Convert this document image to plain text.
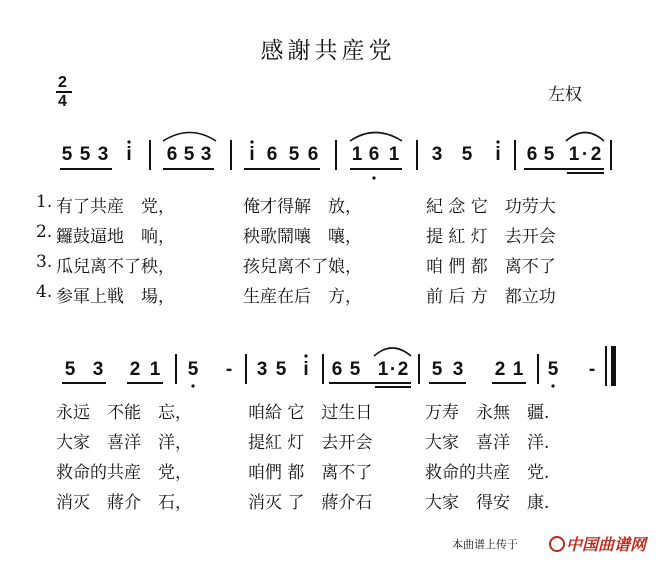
感謝共産党
2
4	左权
5 5 3 i 6 5 3 i 6 5 6 1 6 1 3 5 i 6 5 1 · 2
1. 有了共産　党，	俺才得解　放，	紀 念 它　功劳大
2. 鑼鼓逼地　响，	秧歌鬧嚷　嚷，	提 紅 灯　去开会
3. 瓜兒离不了秧，	孩兒离不了娘，	咱 們 都　离不了
4. 参軍上戦　場，	生産在后　方，	前 后 方　都立功
5 3 2 1 5 - 3 5 i 6 5 1 · 2 5 3 2 1 5 -
永远　不能　忘，	咱給 它　过生日	万寿　永無　疆.
大家　喜洋　洋，	提紅 灯　去开会	大家　喜洋　洋.
救命的共産　党，	咱們 都　离不了	救命的共産　党.
消灭　蔣介　石，	消灭 了　蔣介石	大家　得安　康.
本曲谱上传于	中国曲谱网
